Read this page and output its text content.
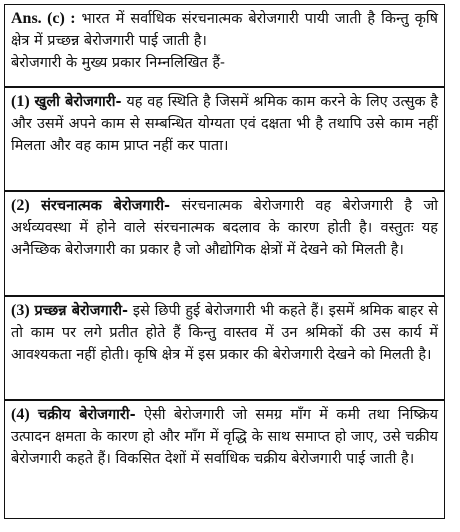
Ans. (c) : भारत में सर्वाधिक संरचनात्मक बेरोजगारी पायी जाती है किन्तु कृषि क्षेत्र में प्रच्छन्न बेरोजगारी पाई जाती है।

बेरोजगारी के मुख्य प्रकार निम्नलिखित हैं-

(1) खुली बेरोजगारी- यह वह स्थिति है जिसमें श्रमिक काम करने के लिए उत्सुक है और उसमें अपने काम से सम्बन्धित योग्यता एवं दक्षता भी है तथापि उसे काम नहीं मिलता और वह काम प्राप्त नहीं कर पाता।

(2) संरचनात्मक बेरोजगारी- संरचनात्मक बेरोजगारी वह बेरोजगारी है जो अर्थव्यवस्था में होने वाले संरचनात्मक बदलाव के कारण होती है। वस्तुतः यह अनैच्छिक बेरोजगारी का प्रकार है जो औद्योगिक क्षेत्रों में देखने को मिलती है।

(3) प्रच्छन्न बेरोजगारी- इसे छिपी हुई बेरोजगारी भी कहते हैं। इसमें श्रमिक बाहर से तो काम पर लगे प्रतीत होते हैं किन्तु वास्तव में उन श्रमिकों की उस कार्य में आवश्यकता नहीं होती। कृषि क्षेत्र में इस प्रकार की बेरोजगारी देखने को मिलती है।

(4) चक्रीय बेरोजगारी- ऐसी बेरोजगारी जो समग्र माँग में कमी तथा निष्क्रिय उत्पादन क्षमता के कारण हो और माँग में वृद्धि के साथ समाप्त हो जाए, उसे चक्रीय बेरोजगारी कहते हैं। विकसित देशों में सर्वाधिक चक्रीय बेरोजगारी पाई जाती है।
